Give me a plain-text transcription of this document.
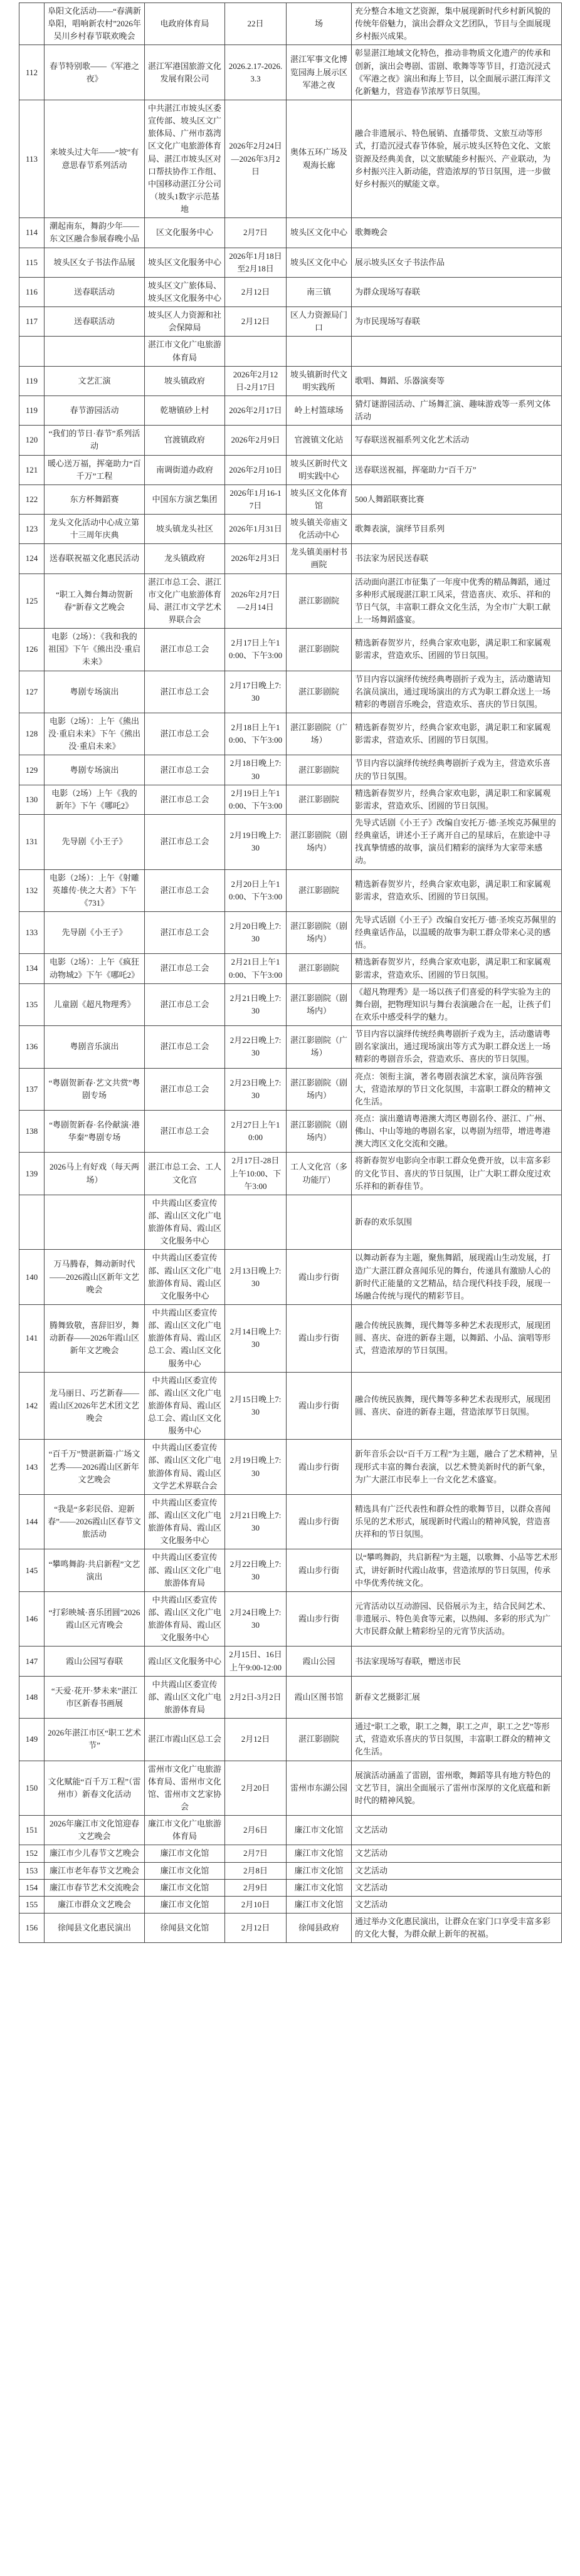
	阜阳文化活动——“春满新阜阳，唱响新农村”2026年吴川乡村春节联欢晚会	电政府体育局	22日	场	充分整合本地文艺资源，集中展现新时代乡村新风貌的传统年俗魅力，演出会群众文艺团队，节目与全面展现乡村振兴成果。
112	春节特别歌——《军港之夜》	湛江军港国旅游文化发展有限公司	2026.2.17-2026.3.3	湛江军事文化博览园海上展示区军港之夜	彰显湛江地域文化特色，推动非物质文化遗产的传承和创新，演出会粤剧、雷剧、歌舞等等节目，打造沉浸式《军港之夜》演出和海上节目，以全面展示湛江海洋文化新魅力，营造春节浓厚节日氛围。
113	来坡头过大年——“坡”有意思春节系列活动	中共湛江市坡头区委宣传部、坡头区文广旅体局、广州市荔湾区文化广电旅游体育局、湛江市坡头区对口帮扶协作工作组、中国移动湛江分公司（坡头1数字示范基地	2026年2月24日—2026年3月2日	奥体五环广场及观海长廊	融合非遗展示、特色展销、直播带货、文旅互动等形式，打造沉浸式春节体验，展示坡头区特色文化、文旅资源及经典美食，以文旅赋能乡村振兴、产业联动，为乡村振兴注入新动能，营造浓厚的节日氛围，进一步做好乡村振兴的赋能文章。
114	潮起南东，舞韵少年——东文区融合参展春晚小品	区文化服务中心	2月7日	坡头区文化中心	歌舞晚会
115	坡头区女子书法作品展	坡头区文化服务中心	2026年1月18日至2月18日	坡头区文化中心	展示坡头区女子书法作品
116	送春联活动	坡头区文广旅体局、坡头区文化服务中心	2月12日	南三镇	为群众现场写春联
117	送春联活动	坡头区人力资源和社会保障局	2月12日	区人力资源局门口	为市民现场写春联
		湛江市文化广电旅游体育局			
119	文艺汇演	坡头镇政府	2026年2月12日-2月17日	坡头镇新时代文明实践所	歌唱、舞蹈、乐器演奏等
119	春节游园活动	乾塘镇砂上村	2026年2月17日	岭上村篮球场	猜灯谜游园活动、广场舞汇演、趣味游戏等一系列文体活动
120	“我们的节日·春节”系列活动	官渡镇政府	2026年2月9日	官渡镇文化站	写春联送祝福系列文化艺术活动
121	暖心送万福，挥毫助力“百千万”工程	南调街道办政府	2026年2月10日	坡头区新时代文明实践中心	送春联送祝福，挥毫助力“百千万”
122	东方杯舞蹈赛	中国东方演艺集团	2026年1月16-17日	坡头区文化体育馆	500人舞蹈联赛比赛
123	龙头文化活动中心成立第十三周年庆典	坡头镇龙头社区	2026年1月31日	坡头镇关帝庙文化活动中心	歌舞表演，演绎节目系列
124	送春联祝福文化惠民活动	龙头镇政府	2026年2月3日	龙头镇美丽村书画院	书法家为居民送春联
125	“职工入舞台舞动贺新春”新春文艺晚会	湛江市总工会、湛江市文化广电旅游体育局、湛江市文学艺术界联合会	2026年2月7日—2月14日	湛江影剧院	活动面向湛江市征集了一年度中优秀的精品舞蹈，通过多种形式展现湛江职工风采，营造喜庆、欢乐、祥和的节日气氛，丰富职工群众文化生活，为全市广大职工献上一场舞蹈盛宴。
126	电影（2场）：《我和我的祖国》下午《熊出没·重启未来》	湛江市总工会	2月17日上午10:00、下午3:00	湛江影剧院	精选新春贺岁片，经典合家欢电影，满足职工和家属观影需求，营造欢乐、团圆的节日氛围。
127	粤剧专场演出	湛江市总工会	2月17日晚上7:30	湛江影剧院	节目内容以演绎传统经典粤剧折子戏为主，活动邀请知名演员演出，通过现场演出的方式为职工群众送上一场精彩的粤剧音乐晚会，营造欢乐、喜庆的节日氛围。
128	电影（2场）：上午《熊出没·重启未来》下午《熊出没·重启未来》	湛江市总工会	2月18日上午10:00、下午3:00	湛江影剧院（广场）	精选新春贺岁片，经典合家欢电影，满足职工和家属观影需求，营造欢乐、团圆的节日氛围。
129	粤剧专场演出	湛江市总工会	2月18日晚上7:30	湛江影剧院	节目内容以演绎传统经典粤剧折子戏为主，营造欢乐喜庆的节日氛围。
130	电影（2场）上午《我的新年》下午《哪吒2》	湛江市总工会	2月19日上午10:00、下午3:00	湛江影剧院	精选新春贺岁片，经典合家欢电影，满足职工和家属观影需求，营造欢乐、团圆的节日氛围。
131	先导剧《小王子》	湛江市总工会	2月19日晚上7:30	湛江影剧院（剧场内）	先导式话剧《小王子》改编自安托万·德·圣埃克苏佩里的经典童话，讲述小王子离开自己的星球后，在旅途中寻找真挚情感的故事，演员们精彩的演绎为大家带来感动。
132	电影（2场）：上午《射雕英雄传·侠之大者》下午《731》	湛江市总工会	2月20日上午10:00、下午3:00	湛江影剧院	精选新春贺岁片，经典合家欢电影，满足职工和家属观影需求，营造欢乐、团圆的节日氛围。
133	先导剧《小王子》	湛江市总工会	2月20日晚上7:30	湛江影剧院（剧场内）	先导式话剧《小王子》改编自安托万·德·圣埃克苏佩里的经典童话作品，以温暖的故事为职工群众带来心灵的感悟。
134	电影（2场）：上午《疯狂动物城2》下午《哪吒2》	湛江市总工会	2月21日上午10:00、下午3:00	湛江影剧院	精选新春贺岁片，经典合家欢电影，满足职工和家属观影需求，营造欢乐、团圆的节日氛围。
135	儿童剧《超凡物理秀》	湛江市总工会	2月21日晚上7:30	湛江影剧院（剧场内）	《超凡物理秀》是一场以孩子们喜爱的科学实验为主的舞台剧，把物理知识与舞台表演融合在一起，让孩子们在欢乐中感受科学的魅力。
136	粤剧音乐演出	湛江市总工会	2月22日晚上7:30	湛江影剧院（广场）	节目内容以演绎传统经典粤剧折子戏为主，活动邀请粤剧名家演出，通过现场演出等方式为职工群众送上一场精彩的粤剧音乐会，营造欢乐、喜庆的节日氛围。
137	“粤剧贺新春·艺文共赏”粤剧专场	湛江市总工会	2月23日晚上7:30	湛江影剧院（剧场内）	亮点：领衔主演，著名粤剧表演艺术家，演员阵容强大，营造浓厚的节日文化氛围，丰富职工群众的精神文化生活。
138	“粤剧贺新春·名伶献演·港华秦”粤剧专场	湛江市总工会	2月27日上午10:00	湛江影剧院（剧场内）	亮点：演出邀请粤港澳大湾区粤剧名伶、湛江、广州、佛山、中山等地的粤剧名家，以粤剧为纽带，增进粤港澳大湾区文化交流和交融。
139	2026马上有好戏（每天两场）	湛江市总工会、工人文化宫	2月17日-28日上午10:00、下午3:00	工人文化宫（多功能厅）	将新春贺岁电影向全市职工群众免费开放，以丰富多彩的文化节目、喜庆的节日氛围，让广大职工群众度过欢乐祥和的新春佳节。
		中共霞山区委宣传部、霞山区文化广电旅游体育局、霞山区文化服务中心			新春的欢乐氛围
140	万马腾春，舞动新时代——2026霞山区新年文艺晚会	中共霞山区委宣传部、霞山区文化广电旅游体育局、霞山区文化服务中心	2月13日晚上7:30	霞山步行街	以舞动新春为主题，聚焦舞蹈，展现霞山生动发展，打造广大湛江群众喜闻乐见的舞台，传递具有激励人心的新时代正能量的文艺精品，结合现代科技手段，展现一场融合传统与现代的精彩节目。
141	腾舞致敬，喜辞旧岁，舞动新春——2026年霞山区新年文艺晚会	中共霞山区委宣传部、霞山区文化广电旅游体育局、霞山区总工会、霞山区文化服务中心	2月14日晚上7:30	霞山步行街	融合传统民族舞，现代舞等多种艺术表现形式，展现团圆、喜庆、奋进的新春主题，以舞蹈、小品、演唱等形式，营造浓厚的节日氛围。
142	龙马丽日、巧艺新春——霞山区2026年艺术团文艺晚会	中共霞山区委宣传部、霞山区文化广电旅游体育局、霞山区总工会、霞山区文化服务中心	2月15日晚上7:30	霞山步行街	融合传统民族舞，现代舞等多种艺术表现形式，展现团圆、喜庆、奋进的新春主题，营造浓厚节日氛围。
143	“百千万”赞湛新篇·广场文艺秀——2026霞山区新年文艺晚会	中共霞山区委宣传部、霞山区文化广电旅游体育局、霞山区文学艺术界联合会	2月19日晚上7:30	霞山步行街	新年音乐会以“百千万工程”为主题，融合了艺术精神，呈现形式丰富的舞台表演，以艺术赞美新时代的新气象，为广大湛江市民奉上一台文化艺术盛宴。
144	“我是“多彩民俗、迎新春”——2026霞山区春节文旅活动	中共霞山区委宣传部、霞山区文化广电旅游体育局、霞山区文化服务中心	2月21日晚上7:30	霞山步行街	精选具有广泛代表性和群众性的歌舞节目，以群众喜闻乐见的艺术形式，展现新时代霞山的精神风貌，营造喜庆祥和的节日氛围。
145	“攀鸣舞韵·共启新程”文艺演出	中共霞山区委宣传部、霞山区文化广电旅游体育局	2月22日晚上7:30	霞山步行街	以“攀鸣舞韵，共启新程”为主题，以歌舞、小品等艺术形式，讲好新时代霞山故事，营造浓厚的节日氛围，传承中华优秀传统文化。
146	“打彩映城·喜乐团圆”2026霞山区元宵晚会	中共霞山区委宣传部、霞山区文化广电旅游体育局、霞山区文化服务中心	2月24日晚上7:30	霞山步行街	元宵活动以互动游园、民俗展示为主，结合民间艺术、非遗展示、特色美食等元素，以热闹、多彩的形式为广大市民群众献上精彩纷呈的元宵节庆活动。
147	霞山公园写春联	霞山区文化服务中心	2月15日、16日上午9:00-12:00	霞山公园	书法家现场写春联，赠送市民
148	“天爱·花开·梦未来”湛江市区新春书画展	中共霞山区委宣传部、霞山区文化广电旅游体育局	2月2日-3月2日	霞山区图书馆	新春文艺摄影汇展
149	2026年湛江市区“职工艺术节”	湛江市霞山区总工会	2月12日	湛江影剧院	通过“职工之歌，职工之舞，职工之声，职工之艺”等形式，营造欢乐喜庆的节日氛围，丰富职工群众的精神文化生活。
150	文化赋能“百千万工程”（雷州市）新春文化活动	雷州市文化广电旅游体育局、雷州市文化馆、雷州市文艺家协会	2月20日	雷州市东湖公园	展演活动涵盖了雷剧，雷州歌，舞蹈等具有地方特色的文艺节目，演出全面展示了雷州市深厚的文化底蕴和新时代的精神风貌。
151	2026年廉江市文化馆迎春文艺晚会	廉江市文化广电旅游体育局	2月6日	廉江市文化馆	文艺活动
152	廉江市少儿春节文艺晚会	廉江市文化馆	2月7日	廉江市文化馆	文艺活动
153	廉江市老年春节文艺晚会	廉江市文化馆	2月8日	廉江市文化馆	文艺活动
154	廉江市春节艺术交流晚会	廉江市文化馆	2月9日	廉江市文化馆	文艺活动
155	廉江市群众文艺晚会	廉江市文化馆	2月10日	廉江市文化馆	文艺活动
156	徐闻县文化惠民演出	徐闻县文化馆	2月12日	徐闻县政府	通过举办文化惠民演出，让群众在家门口享受丰富多彩的文化大餐，为群众献上新年的祝福。
